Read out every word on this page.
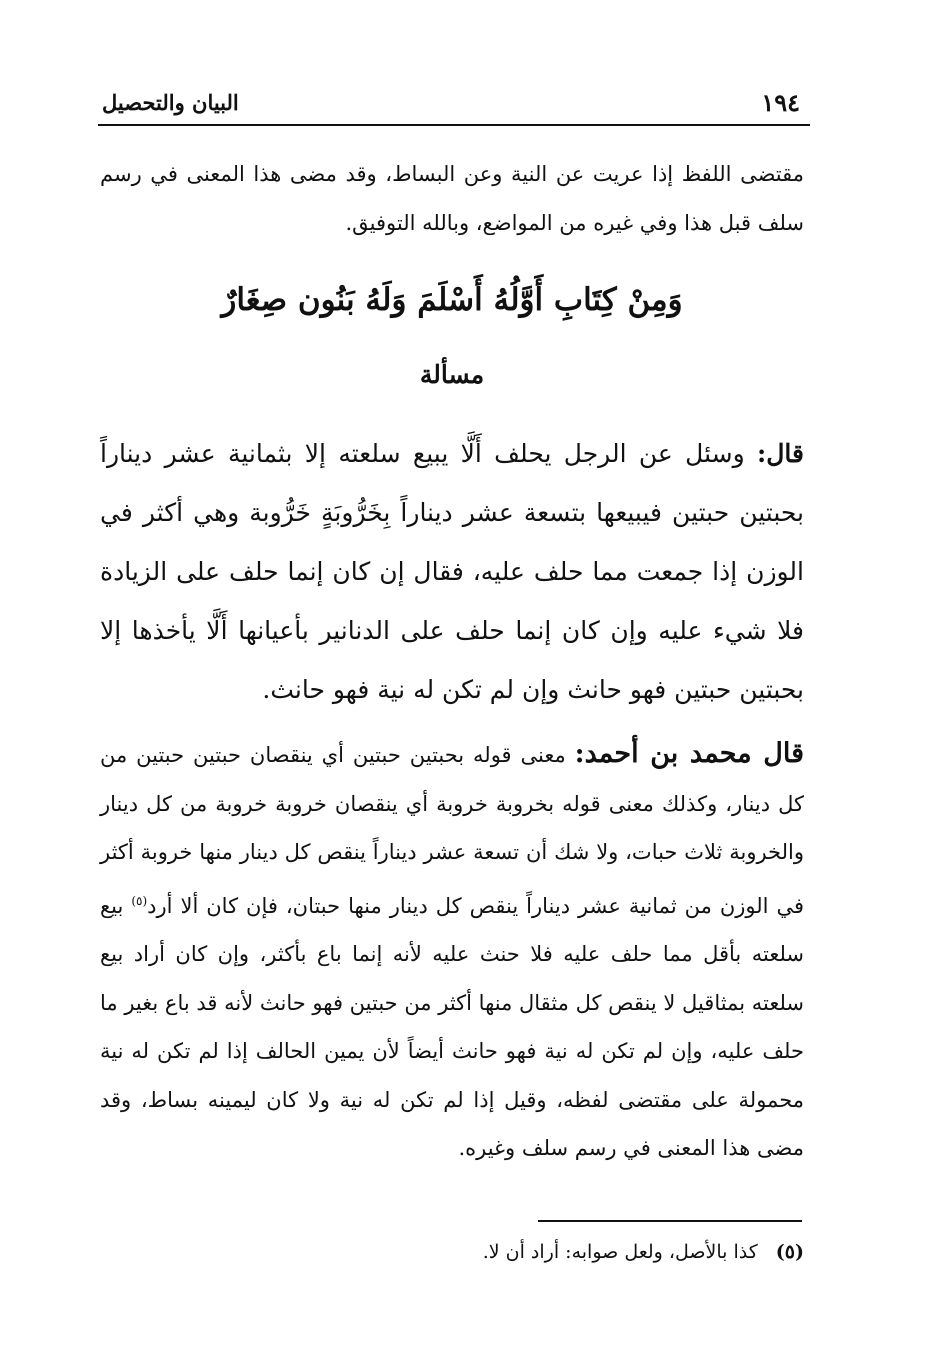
١٩٤
البيان والتحصيل

مقتضى اللفظ إذا عريت عن النية وعن البساط، وقد مضى هذا المعنى في رسم سلف قبل هذا وفي غيره من المواضع، وبالله التوفيق.

وَمِنْ كِتَابِ أَوَّلُهُ أَسْلَمَ وَلَهُ بَنُون صِغَارٌ
مسألة

قال: وسئل عن الرجل يحلف أَلَّا يبيع سلعته إلا بثمانية عشر ديناراً بحبتين حبتين فيبيعها بتسعة عشر ديناراً بِخَرُّوبَةٍ خَرُّوبة وهي أكثر في الوزن إذا جمعت مما حلف عليه، فقال إن كان إنما حلف على الزيادة فلا شيء عليه وإن كان إنما حلف على الدنانير بأعيانها أَلَّا يأخذها إلا بحبتين حبتين فهو حانث وإن لم تكن له نية فهو حانث.

قال محمد بن أحمد: معنى قوله بحبتين حبتين أي ينقصان حبتين حبتين من كل دينار، وكذلك معنى قوله بخروبة خروبة أي ينقصان خروبة خروبة من كل دينار والخروبة ثلاث حبات، ولا شك أن تسعة عشر ديناراً ينقص كل دينار منها خروبة أكثر في الوزن من ثمانية عشر ديناراً ينقص كل دينار منها حبتان، فإن كان ألا أرد$^{(٥)}$ بيع سلعته بأقل مما حلف عليه فلا حنث عليه لأنه إنما باع بأكثر، وإن كان أراد بيع سلعته بمثاقيل لا ينقص كل مثقال منها أكثر من حبتين فهو حانث لأنه قد باع بغير ما حلف عليه، وإن لم تكن له نية فهو حانث أيضاً لأن يمين الحالف إذا لم تكن له نية محمولة على مقتضى لفظه، وقيل إذا لم تكن له نية ولا كان ليمينه بساط، وقد مضى هذا المعنى في رسم سلف وغيره.

(٥)كذا بالأصل، ولعل صوابه: أراد أن لا.
